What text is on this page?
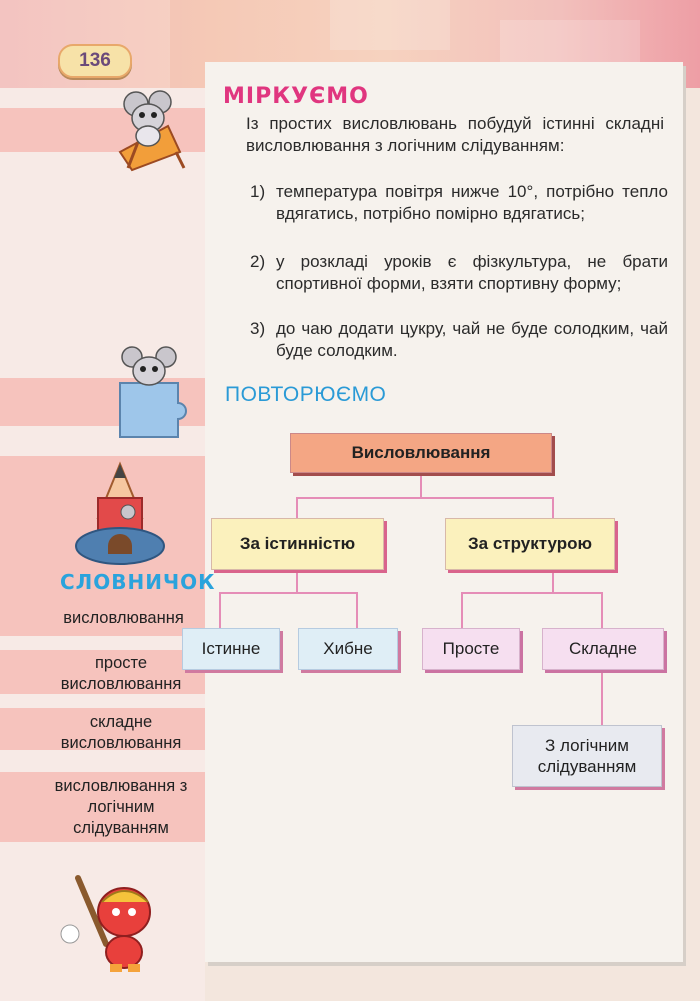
136
МІРКУЄМО
Із простих висловлювань побудуй істинні складні висловлювання з логічним слідуванням:
1) температура повітря нижче 10°, потрібно тепло вдягатись, потрібно помірно вдягатись;
2) у розкладі уроків є фізкультура, не брати спортивної форми, взяти спортивну форму;
3) до чаю додати цукру, чай не буде солодким, чай буде солодким.
ПОВТОРЮЄМО
Висловлювання
За істинністю	За структурою
Істинне	Хибне	Просте	Складне
З логічним слідуванням
СЛОВНИЧОК
висловлювання
просте висловлювання
складне висловлювання
висловлювання з логічним слідуванням
